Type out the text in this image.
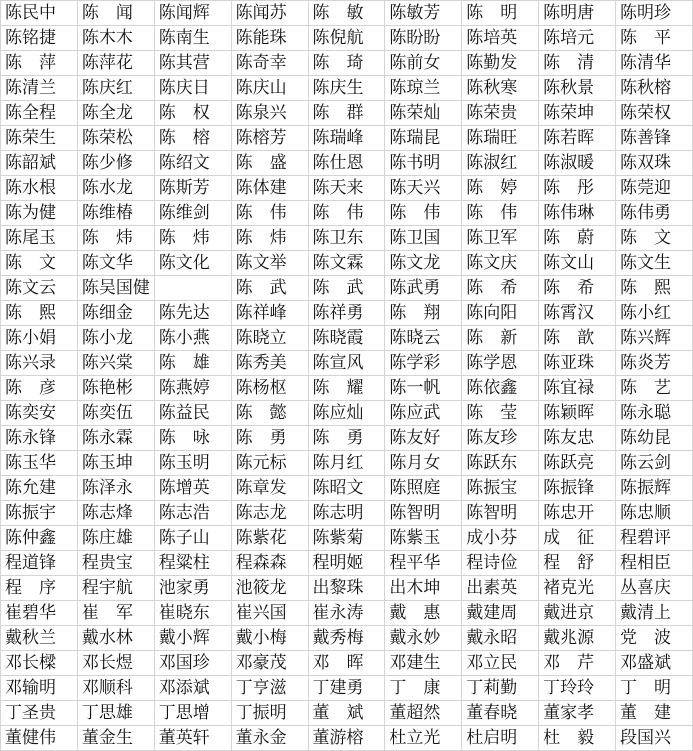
陈民中	陈　闻	陈闻辉	陈闻苏	陈　敏	陈敏芳	陈　明	陈明唐	陈明珍
陈铭捷	陈木木	陈南生	陈能珠	陈倪航	陈盼盼	陈培英	陈培元	陈　平
陈　萍	陈萍花	陈其营	陈奇幸	陈　琦	陈前女	陈勤发	陈　清	陈清华
陈清兰	陈庆红	陈庆日	陈庆山	陈庆生	陈琼兰	陈秋寒	陈秋景	陈秋榕
陈全程	陈全龙	陈　权	陈泉兴	陈　群	陈荣灿	陈荣贵	陈荣坤	陈荣权
陈荣生	陈荣松	陈　榕	陈榕芳	陈瑞峰	陈瑞昆	陈瑞旺	陈若晖	陈善锋
陈韶斌	陈少修	陈绍文	陈　盛	陈仕恩	陈书明	陈淑红	陈淑暖	陈双珠
陈水根	陈水龙	陈斯芳	陈体建	陈天来	陈天兴	陈　婷	陈　彤	陈莞迎
陈为健	陈维椿	陈维剑	陈　伟	陈　伟	陈　伟	陈　伟	陈伟琳	陈伟勇
陈尾玉	陈　炜	陈　炜	陈　炜	陈卫东	陈卫国	陈卫军	陈　蔚	陈　文
陈　文	陈文华	陈文化	陈文举	陈文霖	陈文龙	陈文庆	陈文山	陈文生
陈文云	陈吴国健		陈　武	陈　武	陈武勇	陈　希	陈　希	陈　熙
陈　熙	陈细金	陈先达	陈祥峰	陈祥勇	陈　翔	陈向阳	陈霄汉	陈小红
陈小娟	陈小龙	陈小燕	陈晓立	陈晓霞	陈晓云	陈　新	陈　歆	陈兴辉
陈兴录	陈兴棠	陈　雄	陈秀美	陈宣风	陈学彩	陈学恩	陈亚珠	陈炎芳
陈　彦	陈艳彬	陈燕婷	陈杨枢	陈　耀	陈一帆	陈依鑫	陈宜禄	陈　艺
陈奕安	陈奕伍	陈益民	陈　懿	陈应灿	陈应武	陈　莹	陈颖晖	陈永聪
陈永锋	陈永霖	陈　咏	陈　勇	陈　勇	陈友好	陈友珍	陈友忠	陈幼昆
陈玉华	陈玉坤	陈玉明	陈元标	陈月红	陈月女	陈跃东	陈跃亮	陈云剑
陈允建	陈泽永	陈增英	陈章发	陈昭文	陈照庭	陈振宝	陈振锋	陈振辉
陈振宇	陈志烽	陈志浩	陈志龙	陈志明	陈智明	陈智明	陈忠开	陈忠顺
陈仲鑫	陈庄雄	陈子山	陈紫花	陈紫菊	陈紫玉	成小芬	成　征	程碧评
程道锋	程贵宝	程粱柱	程森森	程明姬	程平华	程诗俭	程　舒	程相臣
程　序	程宇航	池家勇	池筱龙	出黎珠	出木坤	出素英	褚克光	丛喜庆
崔碧华	崔　军	崔晓东	崔兴国	崔永涛	戴　惠	戴建周	戴进京	戴清上
戴秋兰	戴水林	戴小辉	戴小梅	戴秀梅	戴永妙	戴永昭	戴兆源	党　波
邓长樑	邓长煜	邓国珍	邓豪茂	邓　晖	邓建生	邓立民	邓　芹	邓盛斌
邓输明	邓顺科	邓添斌	丁亨滋	丁建勇	丁　康	丁莉勤	丁玲玲	丁　明
丁圣贵	丁思雄	丁思增	丁振明	董　斌	董超然	董春晓	董家孝	董　建
董健伟	董金生	董英轩	董永金	董游榕	杜立光	杜启明	杜　毅	段国兴
